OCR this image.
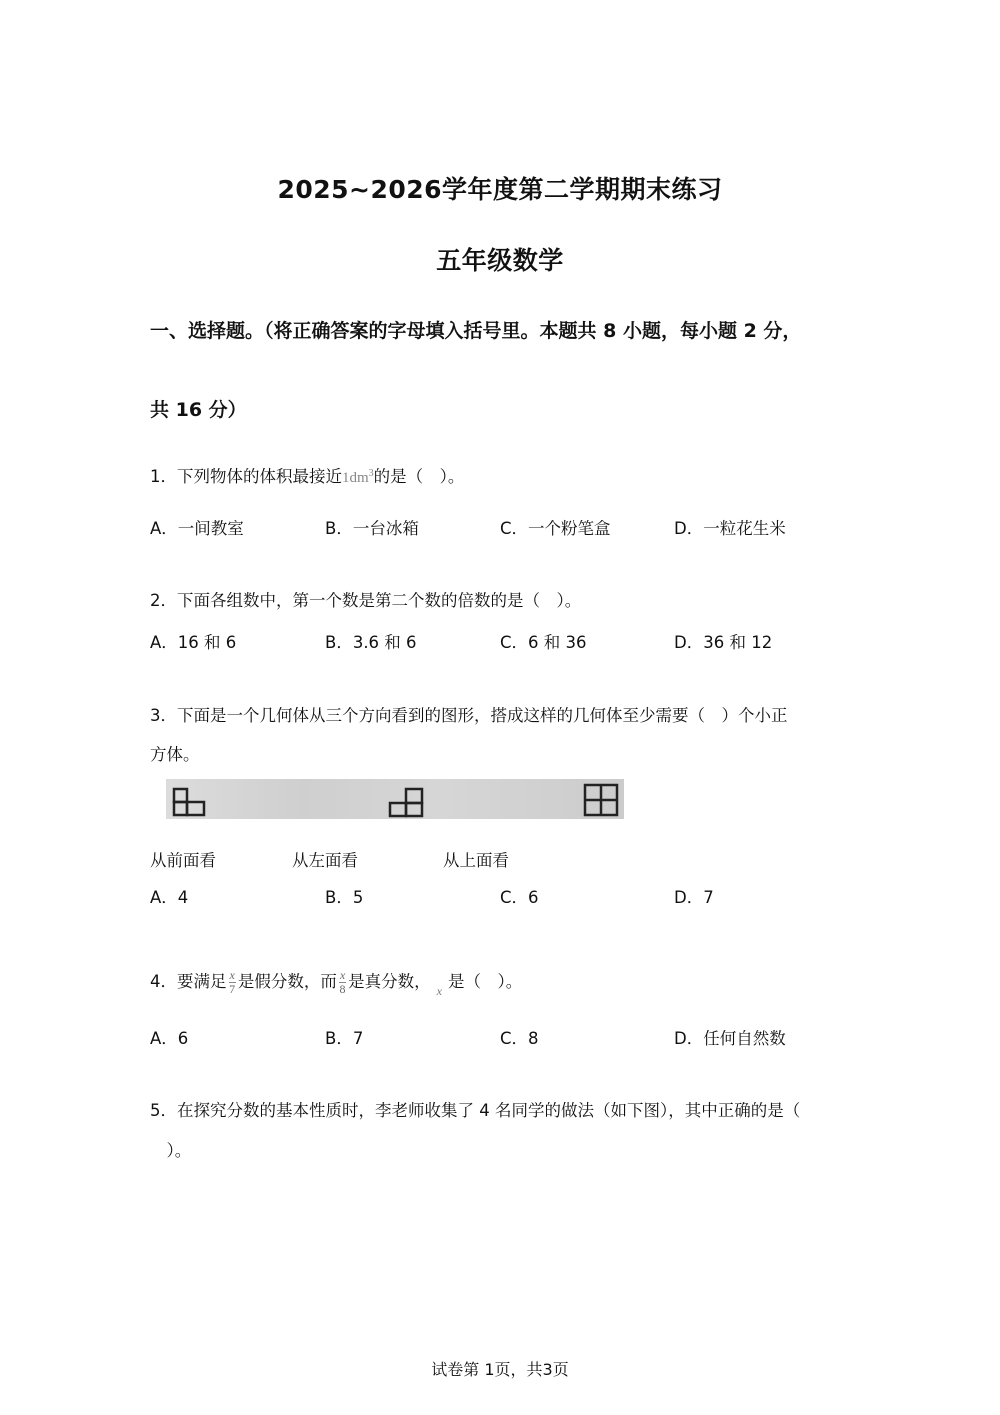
2025~2026学年度第二学期期末练习
五年级数学
一、选择题。（将正确答案的字母填入括号里。本题共 8 小题，每小题 2 分，
共 16 分）
1．下列物体的体积最接近$1dm^3$的是（　）。
A．一间教室	B．一台冰箱	C．一个粉笔盒	D．一粒花生米
2．下面各组数中，第一个数是第二个数的倍数的是（　）。
A．16 和 6	B．3.6 和 6	C．6 和 36	D．36 和 12
3．下面是一个几何体从三个方向看到的图形，搭成这样的几何体至少需要（　）个小正
方体。
从前面看	从左面看	从上面看
A．4	B．5	C．6	D．7
4．要满足 $\frac{x}{7}$ 是假分数，而 $\frac{x}{8}$ 是真分数， $_x$ 是（　）。
A．6	B．7	C．8	D．任何自然数
5．在探究分数的基本性质时，李老师收集了 4 名同学的做法（如下图），其中正确的是（
　）。
试卷第 1页，共3页
